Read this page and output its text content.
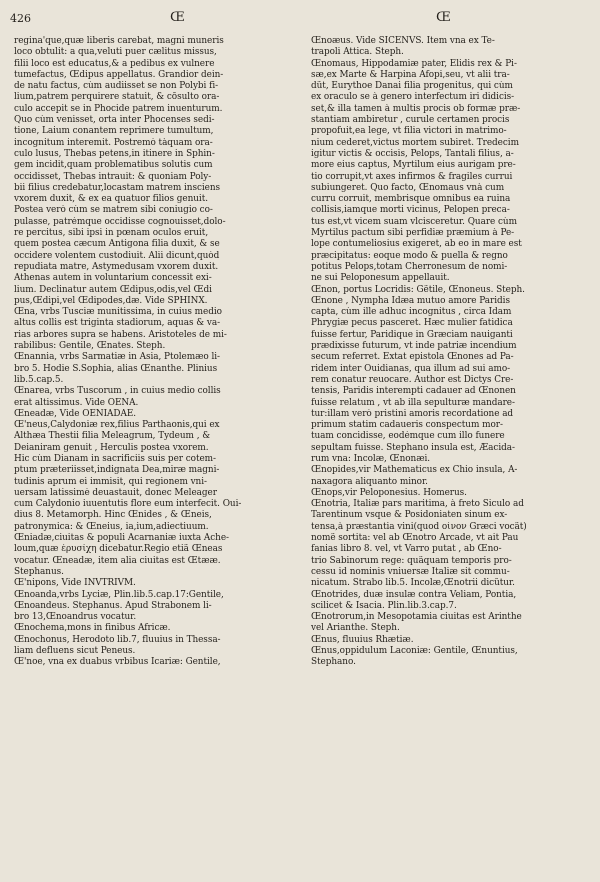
426	Œ	Œ
regina'que,quæ liberis carebat, magni muneris
loco obtulit: a qua,veluti puer cælitus missus,
filii loco est educatus,& a pedibus ex vulnere
tumefactus, Œdipus appellatus. Grandior dein-
de natu factus, cùm audiisset se non Polybi fi-
lium,patrem perquirere statuit, & cõsulto ora-
culo accepit se in Phocide patrem inuenturum.
Quo cùm venisset, orta inter Phocenses sedi-
tione, Laium conantem reprimere tumultum,
incognitum interemit. Postremò tàquam ora-
culo lusus, Thebas petens,in itinere in Sphin-
gem incidit,quam problematibus solutis cum
occidisset, Thebas intrauit: & quoniam Poly-
bii filius credebatur,locastam matrem insciens
vxorem duxit, & ex ea quatuor filios genuit.
Postea verò cùm se matrem sibi coniugio co-
pulasse, patrémque occidisse cognouisset,dolo-
re percitus, sibi ipsi in pœnam oculos eruit,
quem postea cæcum Antigona filia duxit, & se
occidere volentem custodiuit. Alii dicunt,quòd
repudiata matre, Astymedusam vxorem duxit.
Athenas autem in voluntarium concessit exi-
lium. Declinatur autem Œdipus,odis,vel Œdi
pus,Œdipi,vel Œdipodes,dæ. Vide SPHINX.
Œna, vrbs Tusciæ munitissima, in cuius medio
altus collis est triginta stadiorum, aquas & va-
rias arbores supra se habens. Aristoteles de mi-
rabilibus: Gentile, Œnates. Steph.
Œnannia, vrbs Sarmatiæ in Asia, Ptolemæo li-
bro 5. Hodie S.Sophia, alias Œnanthe. Plinius
lib.5.cap.5.
Œnarea, vrbs Tuscorum , in cuius medio collis
erat altissimus. Vide OENA.
Œneadæ, Vide OENIADAE.
Œ'neus,Calydoniæ rex,filius Parthaonis,qui ex
Althæa Thestii filia Meleagrum, Tydeum , &
Deianiram genuit , Herculis postea vxorem.
Hic cùm Dianam in sacrificiis suis per cotem-
ptum præteriisset,indignata Dea,miræ magni-
tudinis aprum ei immisit, qui regionem vni-
uersam latissimè deuastauit, donec Meleager
cum Calydonio iuuentutis flore eum interfecit. Oui-
dius 8. Metamorph. Hinc Œnides , & Œneis,
patronymica: & Œneius, ia,ium,adiectiuum.
Œniadæ,ciuitas & populi Acarnaniæ iuxta Ache-
loum,quæ ἐρυσίχη dicebatur.Regio etiã Œneas
vocatur. Œneadæ, item alia ciuitas est Œtææ.
Stephanus.
Œ'nipons, Vide INVTRIVM.
Œnoanda,vrbs Lyciæ, Plin.lib.5.cap.17:Gentile,
Œnoandeus. Stephanus. Apud Strabonem li-
bro 13,Œnoandrus vocatur.
Œnochema,mons in finibus Africæ.
Œnochonus, Herodoto lib.7, fluuius in Thessa-
liam defluens sicut Peneus.
Œ'noe, vna ex duabus vrbibus Icariæ: Gentile,
Œnoæus. Vide SICENVS. Item vna ex Te-
trapoli Attica. Steph.
Œnomaus, Hippodamiæ pater, Elidis rex & Pi-
sæ,ex Marte & Harpina Afopi,seu, vt alii tra-
dũt, Eurythoe Danai filia progenitus, qui cùm
ex oraculo se à genero interfectum iri didicis-
set,& illa tamen à multis procis ob formæ præ-
stantiam ambiretur , curule certamen procis
propofuit,ea lege, vt filia victori in matrimo-
nium cederet,victus mortem subiret. Tredecim
igitur victis & occisis, Pelops, Tantali filius, a-
more eius captus, Myrtilum eius aurigam pre-
tio corrupit,vt axes infirmos & fragiles currui
subiungeret. Quo facto, Œnomaus vnà cum
curru corruit, membrisque omnibus ea ruina
collisis,iamque morti vicinus, Pelopen preca-
tus est,vt vicem suam vlcisceretur. Quare cùm
Myrtilus pactum sibi perfidiæ præmium à Pe-
lope contumeliosius exigeret, ab eo in mare est
præcipitatus: eoque modo & puella & regno
potitus Pelops,totam Cherronesum de nomi-
ne sui Peloponesum appellauit.
Œnon, portus Locridis: Gẽtile, Œnoneus. Steph.
Œnone , Nympha Idæa mutuo amore Paridis
capta, cùm ille adhuc incognitus , circa Idam
Phrygiæ pecus pasceret. Hæc mulier fatidica
fuisse fertur, Paridique in Græciam nauiganti
prædixisse futurum, vt inde patriæ incendium
secum referret. Extat epistola Œnones ad Pa-
ridem inter Ouidianas, qua illum ad sui amo-
rem conatur reuocare. Author est Dictys Cre-
tensis, Paridis interempti cadauer ad Œnonen
fuisse relatum , vt ab illa sepulturæ mandare-
tur:illam verò pristini amoris recordatione ad
primum statim cadaueris conspectum mor-
tuam concidisse, eodémque cum illo funere
sepultam fuisse. Stephano insula est, Æacida-
rum vna: Incolæ, Œnonæi.
Œnopides,vir Mathematicus ex Chio insula, A-
naxagora aliquanto minor.
Œnops,vir Peloponesius. Homerus.
Œnotria, Italiæ pars maritima, à freto Siculo ad
Tarentinum vsque & Posidoniaten sinum ex-
tensa,à præstantia vini(quod οἶνον Græci vocãt)
nomẽ sortita: vel ab Œnotro Arcade, vt ait Pau
fanias libro 8. vel, vt Varro putat , ab Œno-
trio Sabinorum rege: quãquam temporis pro-
cessu id nominis vniuersæ Italiæ sit commu-
nicatum. Strabo lib.5. Incolæ,Œnotrii dicũtur.
Œnotrides, duæ insulæ contra Veliam, Pontia,
scilicet & Isacia. Plin.lib.3.cap.7.
Œnotrorum,in Mesopotamia ciuitas est Arinthe
vel Arianthe. Steph.
Œnus, fluuius Rhætiæ.
Œnus,oppidulum Laconiæ: Gentile, Œnuntius,
Stephano.
